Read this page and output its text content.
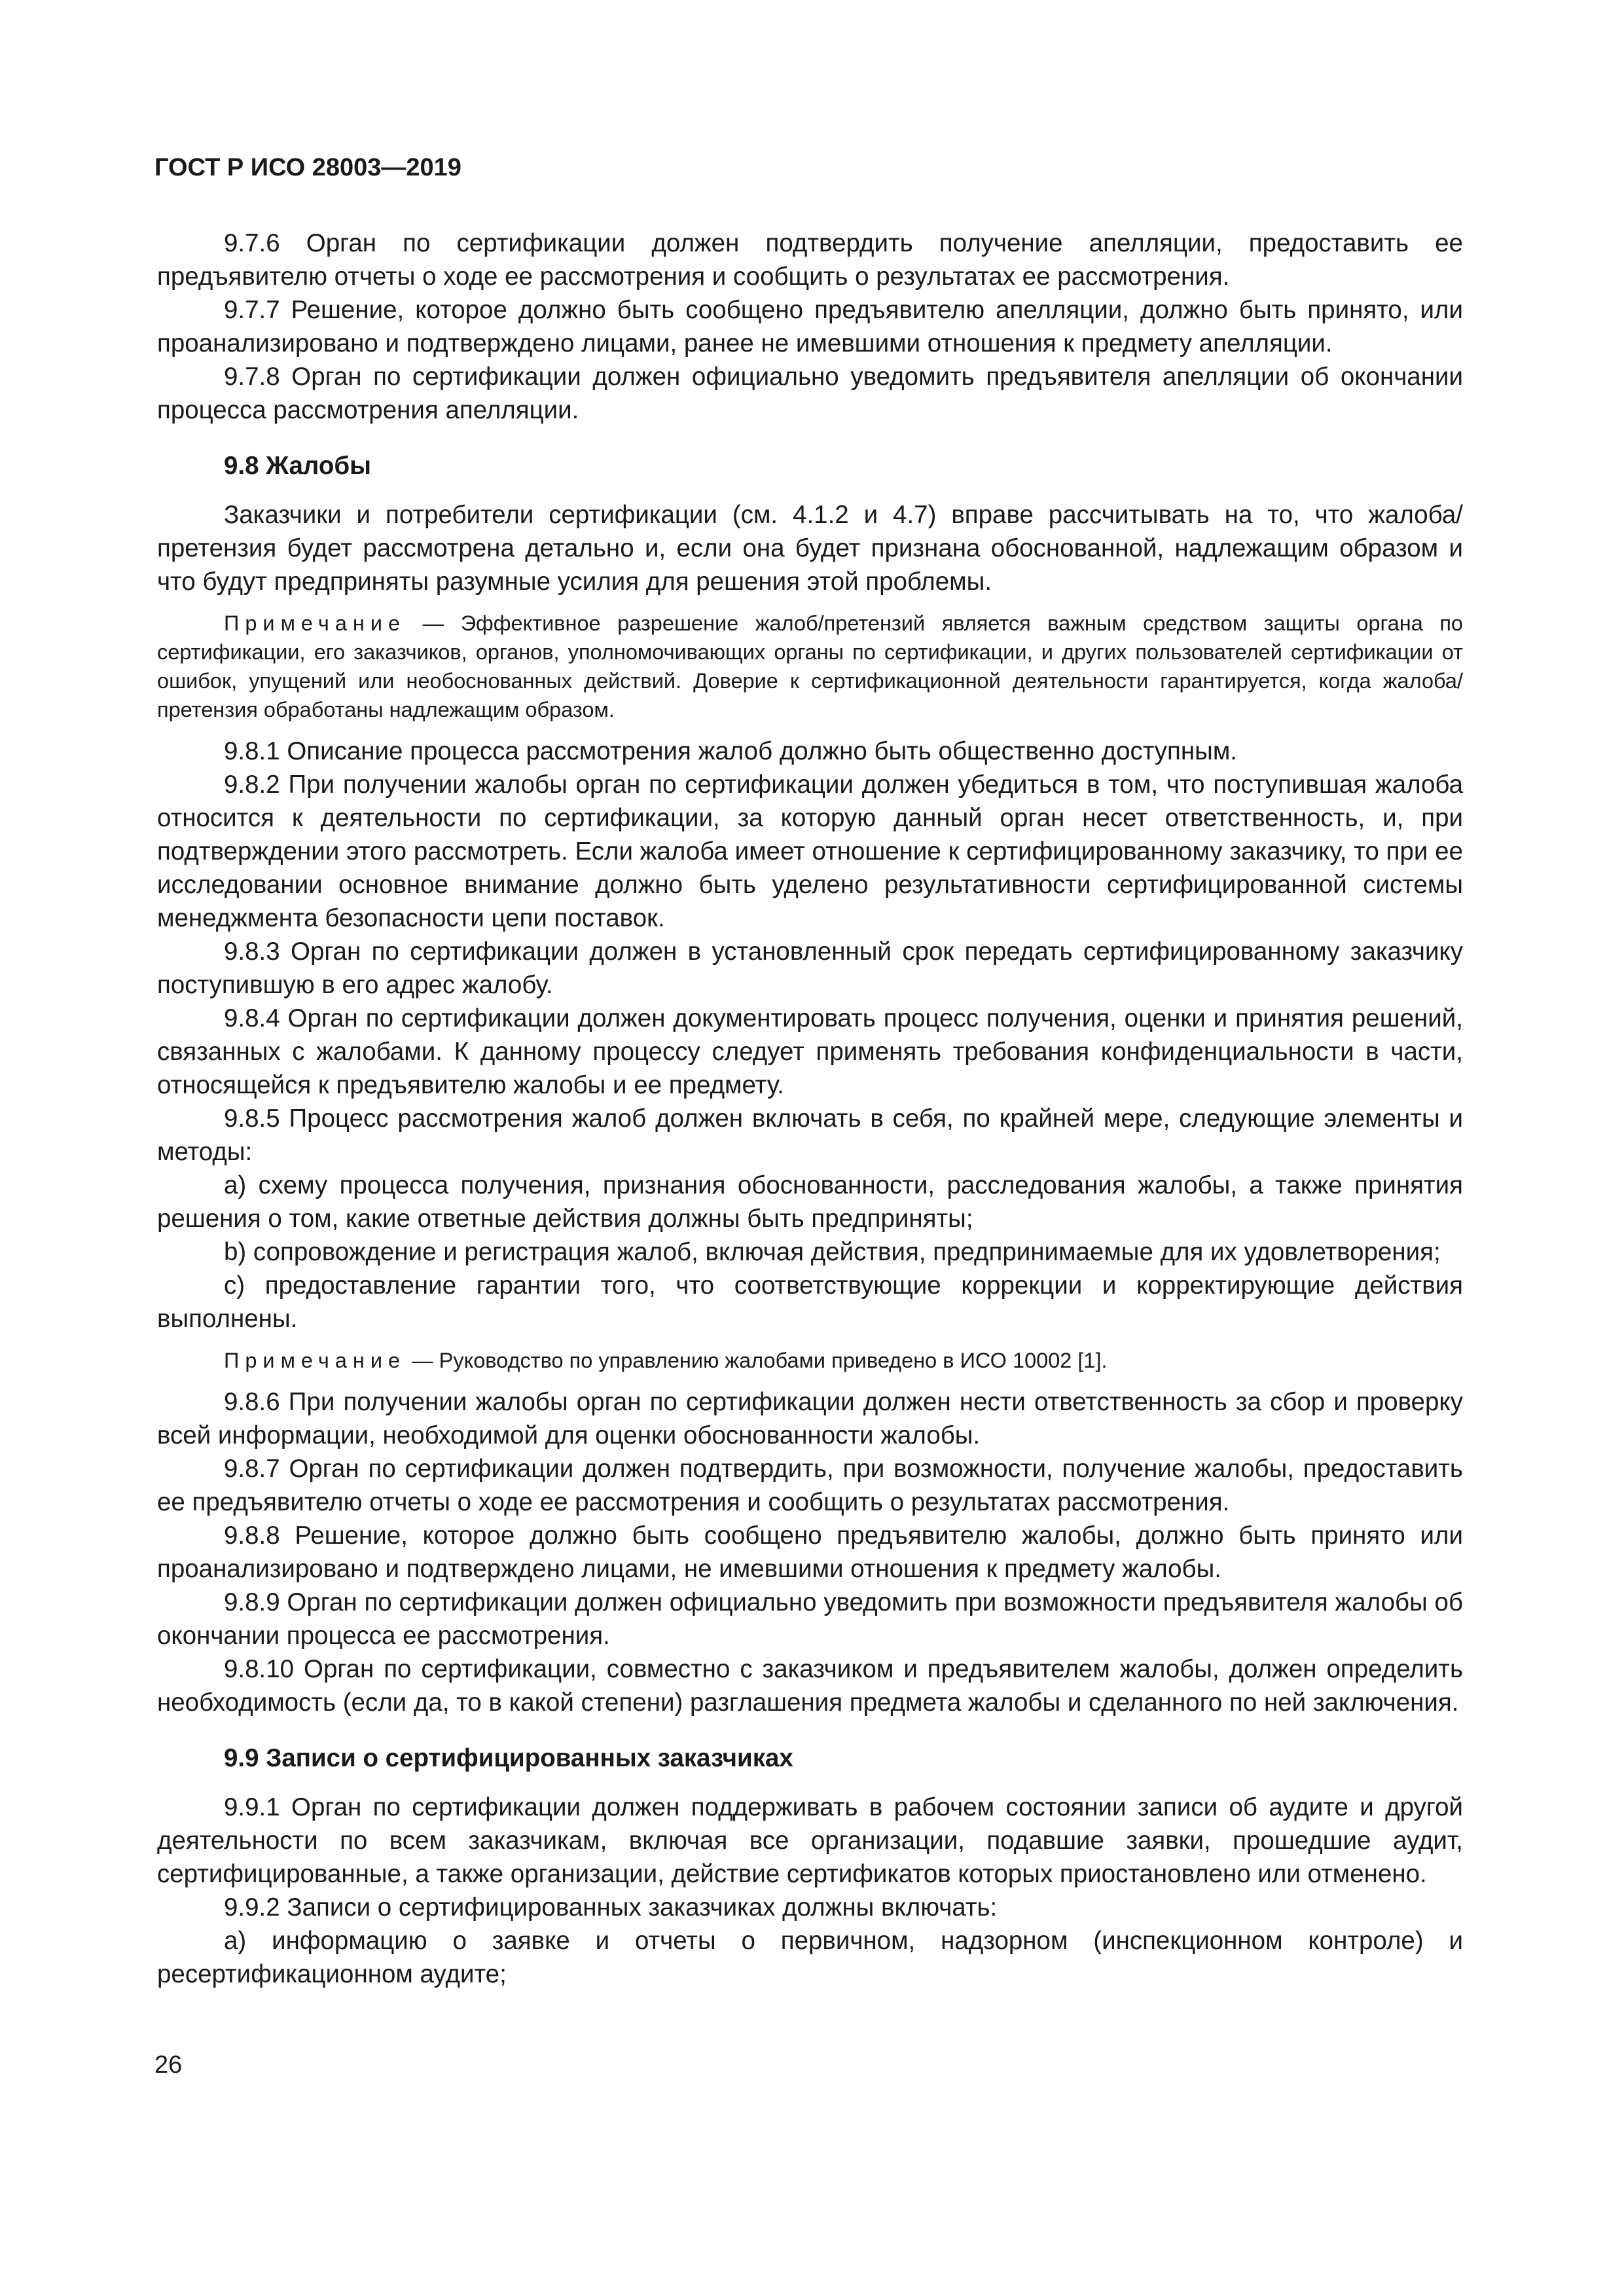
ГОСТ Р ИСО 28003—2019

9.7.6 Орган по сертификации должен подтвердить получение апелляции, предоставить ее предъявителю отчеты о ходе ее рассмотрения и сообщить о результатах ее рассмотрения.

9.7.7 Решение, которое должно быть сообщено предъявителю апелляции, должно быть принято, или проанализировано и подтверждено лицами, ранее не имевшими отношения к предмету апелляции.

9.7.8 Орган по сертификации должен официально уведомить предъявителя апелляции об окончании процесса рассмотрения апелляции.

9.8 Жалобы

Заказчики и потребители сертификации (см. 4.1.2 и 4.7) вправе рассчитывать на то, что жалоба/претензия будет рассмотрена детально и, если она будет признана обоснованной, надлежащим образом и что будут предприняты разумные усилия для решения этой проблемы.

Примечание — Эффективное разрешение жалоб/претензий является важным средством защиты органа по сертификации, его заказчиков, органов, уполномочивающих органы по сертификации, и других пользователей сертификации от ошибок, упущений или необоснованных действий. Доверие к сертификационной деятельности гарантируется, когда жалоба/претензия обработаны надлежащим образом.

9.8.1 Описание процесса рассмотрения жалоб должно быть общественно доступным.

9.8.2 При получении жалобы орган по сертификации должен убедиться в том, что поступившая жалоба относится к деятельности по сертификации, за которую данный орган несет ответственность, и, при подтверждении этого рассмотреть. Если жалоба имеет отношение к сертифицированному заказчику, то при ее исследовании основное внимание должно быть уделено результативности сертифицированной системы менеджмента безопасности цепи поставок.

9.8.3 Орган по сертификации должен в установленный срок передать сертифицированному заказчику поступившую в его адрес жалобу.

9.8.4 Орган по сертификации должен документировать процесс получения, оценки и принятия решений, связанных с жалобами. К данному процессу следует применять требования конфиденциальности в части, относящейся к предъявителю жалобы и ее предмету.

9.8.5 Процесс рассмотрения жалоб должен включать в себя, по крайней мере, следующие элементы и методы:

a) схему процесса получения, признания обоснованности, расследования жалобы, а также принятия решения о том, какие ответные действия должны быть предприняты;

b) сопровождение и регистрация жалоб, включая действия, предпринимаемые для их удовлетворения;

c) предоставление гарантии того, что соответствующие коррекции и корректирующие действия выполнены.

Примечание — Руководство по управлению жалобами приведено в ИСО 10002 [1].

9.8.6 При получении жалобы орган по сертификации должен нести ответственность за сбор и проверку всей информации, необходимой для оценки обоснованности жалобы.

9.8.7 Орган по сертификации должен подтвердить, при возможности, получение жалобы, предоставить ее предъявителю отчеты о ходе ее рассмотрения и сообщить о результатах рассмотрения.

9.8.8 Решение, которое должно быть сообщено предъявителю жалобы, должно быть принято или проанализировано и подтверждено лицами, не имевшими отношения к предмету жалобы.

9.8.9 Орган по сертификации должен официально уведомить при возможности предъявителя жалобы об окончании процесса ее рассмотрения.

9.8.10 Орган по сертификации, совместно с заказчиком и предъявителем жалобы, должен определить необходимость (если да, то в какой степени) разглашения предмета жалобы и сделанного по ней заключения.

9.9 Записи о сертифицированных заказчиках

9.9.1 Орган по сертификации должен поддерживать в рабочем состоянии записи об аудите и другой деятельности по всем заказчикам, включая все организации, подавшие заявки, прошедшие аудит, сертифицированные, а также организации, действие сертификатов которых приостановлено или отменено.

9.9.2 Записи о сертифицированных заказчиках должны включать:

a) информацию о заявке и отчеты о первичном, надзорном (инспекционном контроле) и ресертификационном аудите;

26
